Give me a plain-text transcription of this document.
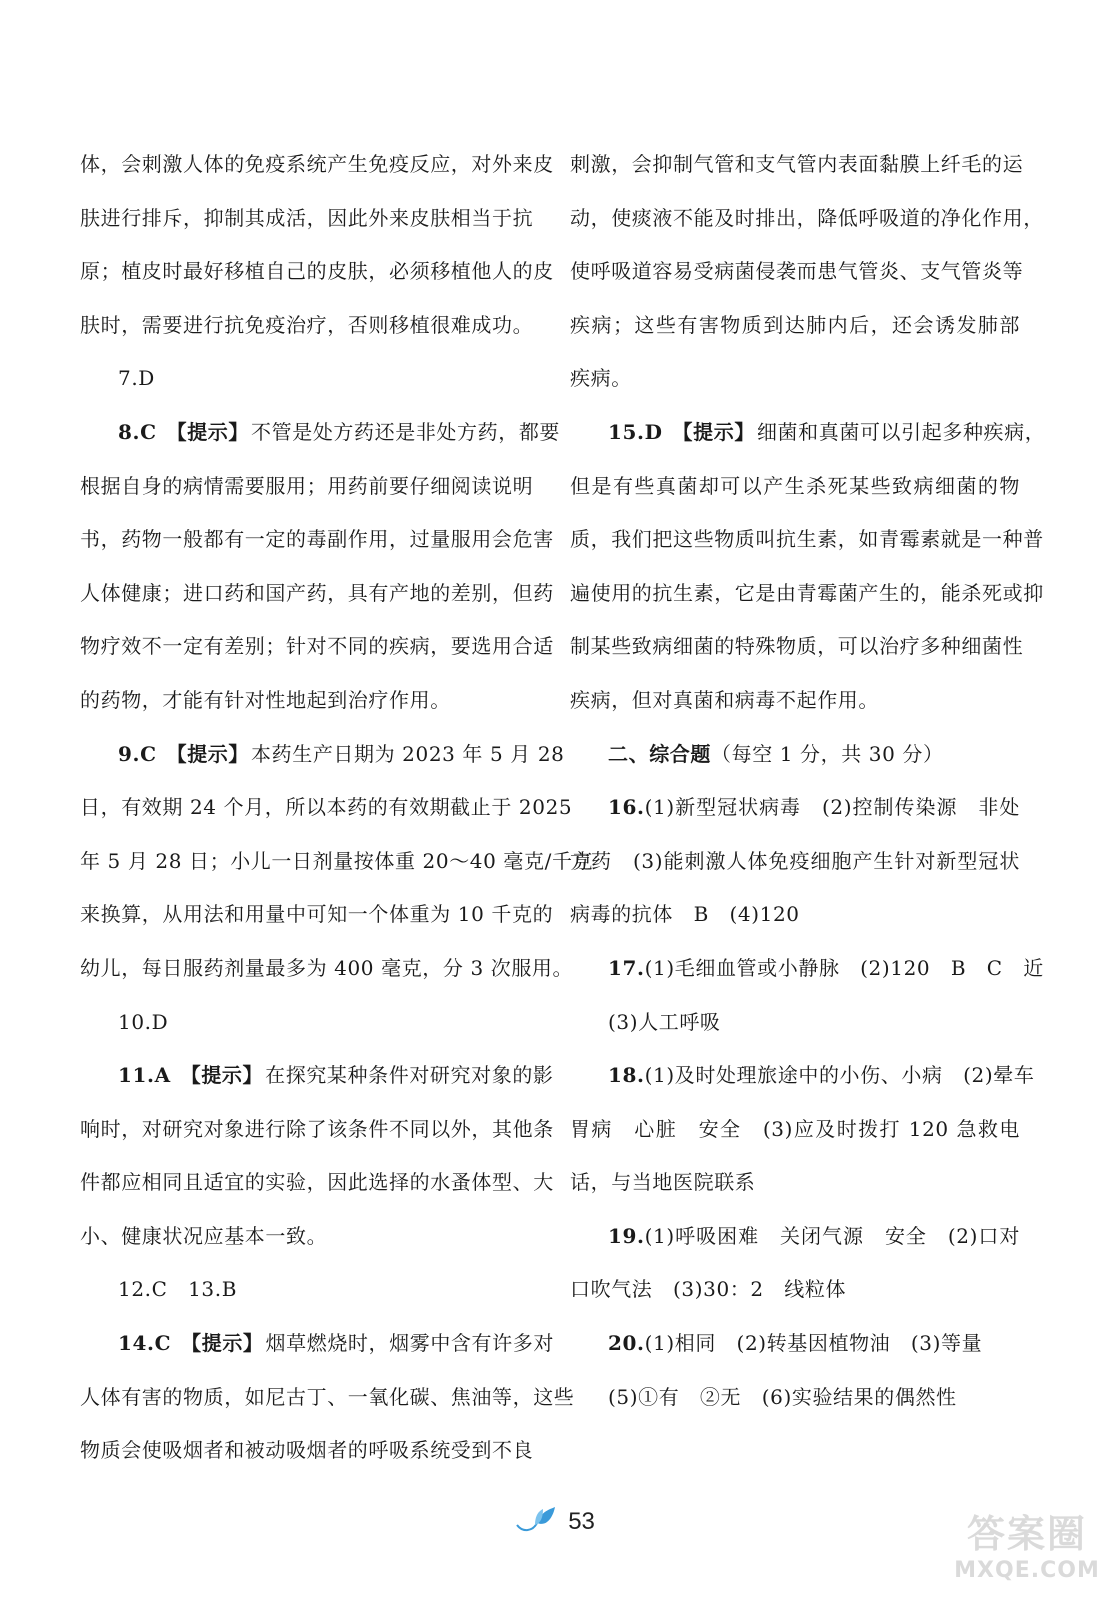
体，会刺激人体的免疫系统产生免疫反应，对外来皮
肤进行排斥，抑制其成活，因此外来皮肤相当于抗
原；植皮时最好移植自己的皮肤，必须移植他人的皮
肤时，需要进行抗免疫治疗，否则移植很难成功。
7.D
8.C 【提示】 不管是处方药还是非处方药，都要
根据自身的病情需要服用；用药前要仔细阅读说明
书，药物一般都有一定的毒副作用，过量服用会危害
人体健康；进口药和国产药，具有产地的差别，但药
物疗效不一定有差别；针对不同的疾病，要选用合适
的药物，才能有针对性地起到治疗作用。
9.C 【提示】 本药生产日期为 2023 年 5 月 28
日，有效期 24 个月，所以本药的有效期截止于 2025
年 5 月 28 日；小儿一日剂量按体重 20～40 毫克/千克
来换算，从用法和用量中可知一个体重为 10 千克的
幼儿，每日服药剂量最多为 400 毫克，分 3 次服用。
10.D
11.A 【提示】 在探究某种条件对研究对象的影
响时，对研究对象进行除了该条件不同以外，其他条
件都应相同且适宜的实验，因此选择的水蚤体型、大
小、健康状况应基本一致。
12.C　13.B
14.C 【提示】 烟草燃烧时，烟雾中含有许多对
人体有害的物质，如尼古丁、一氧化碳、焦油等，这些
物质会使吸烟者和被动吸烟者的呼吸系统受到不良
刺激，会抑制气管和支气管内表面黏膜上纤毛的运
动，使痰液不能及时排出，降低呼吸道的净化作用，
使呼吸道容易受病菌侵袭而患气管炎、支气管炎等
疾病；这些有害物质到达肺内后，还会诱发肺部
疾病。
15.D 【提示】 细菌和真菌可以引起多种疾病，
但是有些真菌却可以产生杀死某些致病细菌的物
质，我们把这些物质叫抗生素，如青霉素就是一种普
遍使用的抗生素，它是由青霉菌产生的，能杀死或抑
制某些致病细菌的特殊物质，可以治疗多种细菌性
疾病，但对真菌和病毒不起作用。
二、综合题（每空 1 分，共 30 分）
16.(1)新型冠状病毒　(2)控制传染源　非处
方药　(3)能刺激人体免疫细胞产生针对新型冠状
病毒的抗体　B　(4)120
17.(1)毛细血管或小静脉　(2)120　B　C　近
(3)人工呼吸
18.(1)及时处理旅途中的小伤、小病　(2)晕车
胃病　心脏　安全　(3)应及时拨打 120 急救电
话，与当地医院联系
19.(1)呼吸困难　关闭气源　安全　(2)口对
口吹气法　(3)30：2　线粒体
20.(1)相同　(2)转基因植物油　(3)等量
(5)①有　②无　(6)实验结果的偶然性
53	答案圈
MXQE.COM
